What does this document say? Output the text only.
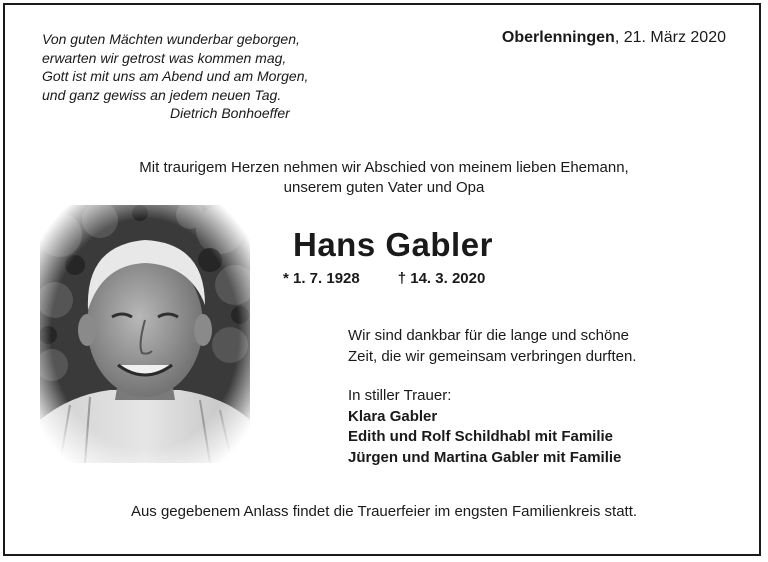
Von guten Mächten wunderbar geborgen,
erwarten wir getrost was kommen mag,
Gott ist mit uns am Abend und am Morgen,
und ganz gewiss an jedem neuen Tag.
Dietrich Bonhoeffer
Oberlenningen, 21. März 2020
Mit traurigem Herzen nehmen wir Abschied von meinem lieben Ehemann,
unserem guten Vater und Opa
Hans Gabler
* 1. 7. 1928	† 14. 3. 2020
Wir sind dankbar für die lange und schöne
Zeit, die wir gemeinsam verbringen durften.
In stiller Trauer:
Klara Gabler
Edith und Rolf Schildhabl mit Familie
Jürgen und Martina Gabler mit Familie
Aus gegebenem Anlass findet die Trauerfeier im engsten Familienkreis statt.
